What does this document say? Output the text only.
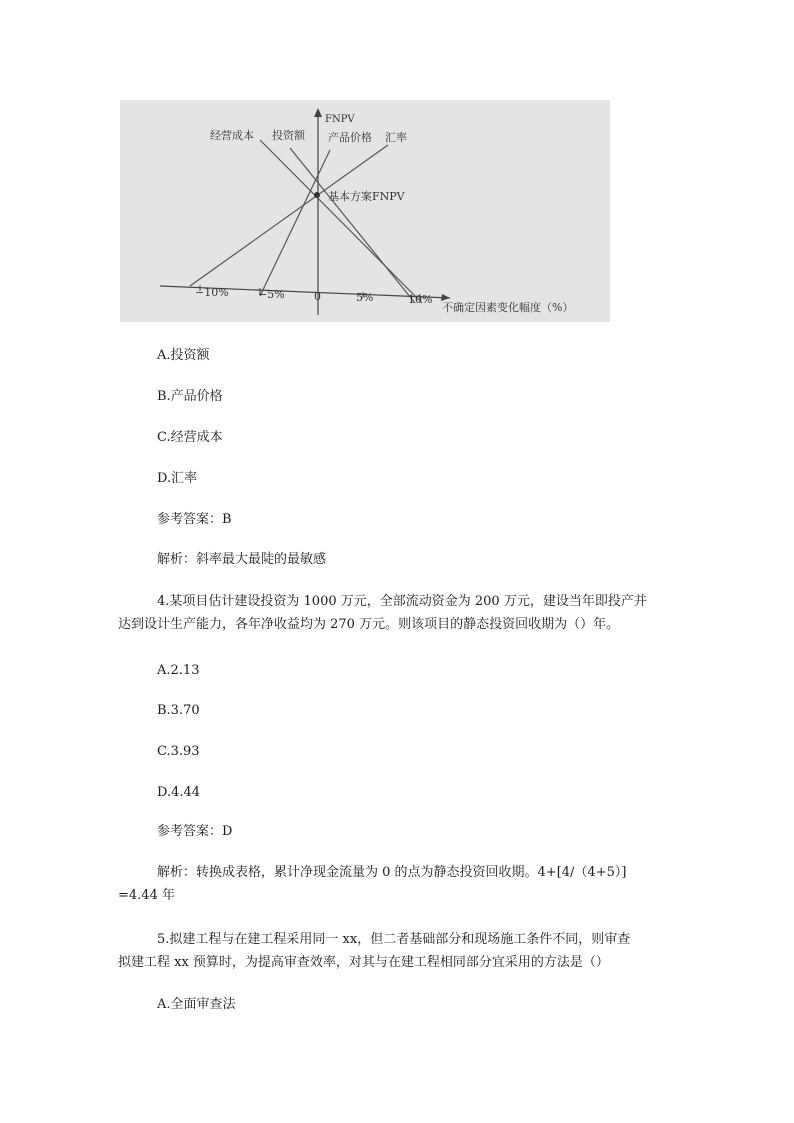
FNPV
基本方案FNPV
经营成本 投资额 产品价格 汇率
−10%	−5%	0	5%	10%
不确定因素变化幅度（%）
A.投资额
B.产品价格
C.经营成本
D.汇率
参考答案：B
解析：斜率最大最陡的最敏感
4.某项目估计建设投资为 1000 万元，全部流动资金为 200 万元，建设当年即投产并
达到设计生产能力，各年净收益均为 270 万元。则该项目的静态投资回收期为（）年。
A.2.13
B.3.70
C.3.93
D.4.44
参考答案：D
解析：转换成表格，累计净现金流量为 0 的点为静态投资回收期。4+[4/（4+5）]
=4.44 年
5.拟建工程与在建工程采用同一 xx，但二者基础部分和现场施工条件不同，则审查
拟建工程 xx 预算时，为提高审查效率，对其与在建工程相同部分宜采用的方法是（）
A.全面审查法
